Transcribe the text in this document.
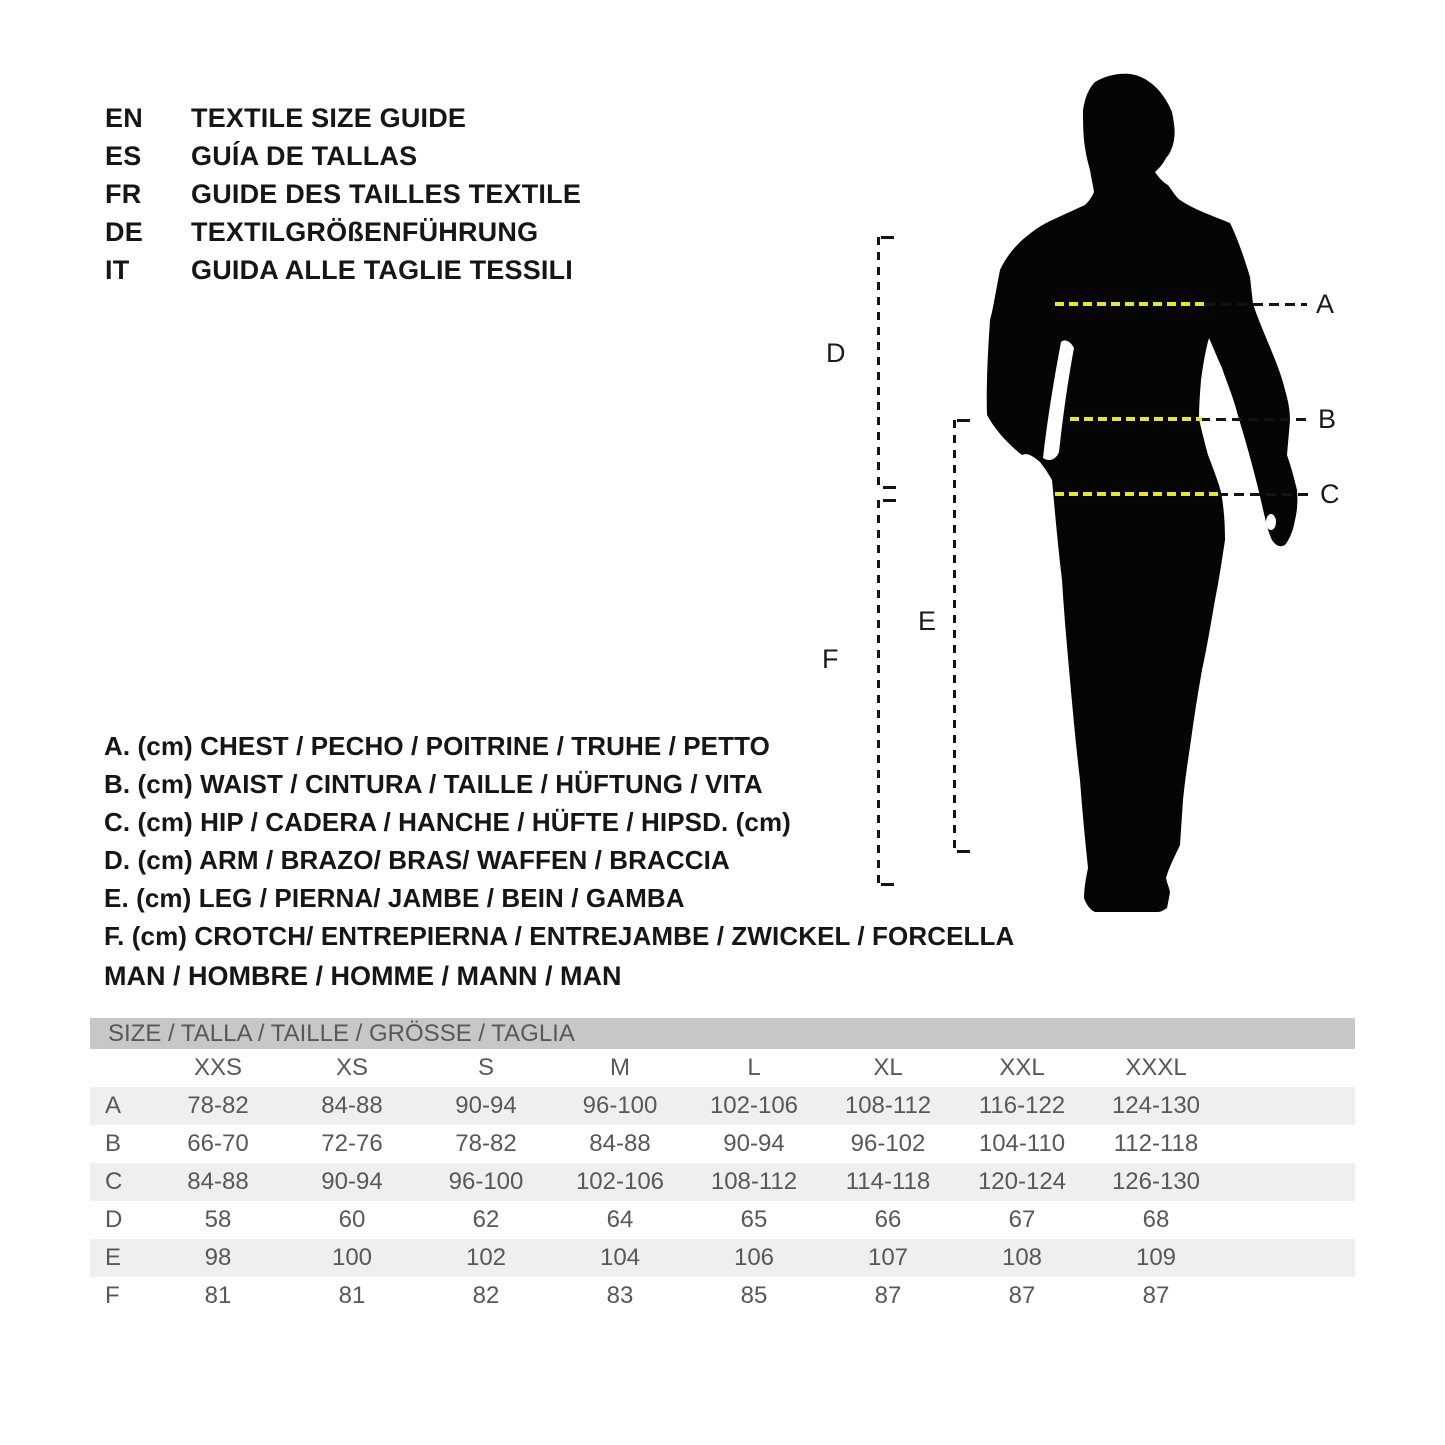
EN	TEXTILE SIZE GUIDE
ES	GUÍA DE TALLAS
FR	GUIDE DES TAILLES TEXTILE
DE	TEXTILGRÖßENFÜHRUNG
IT	GUIDA ALLE TAGLIE TESSILI
A
B
C
D
E
F
A. (cm) CHEST / PECHO / POITRINE / TRUHE / PETTO
B. (cm) WAIST / CINTURA / TAILLE / HÜFTUNG / VITA
C. (cm) HIP / CADERA / HANCHE / HÜFTE / HIPSD. (cm)
D. (cm) ARM / BRAZO/ BRAS/ WAFFEN / BRACCIA
E. (cm) LEG / PIERNA/ JAMBE / BEIN / GAMBA
F. (cm) CROTCH/ ENTREPIERNA / ENTREJAMBE / ZWICKEL / FORCELLA
MAN / HOMBRE / HOMME / MANN / MAN
SIZE / TALLA / TAILLE / GRÖSSE / TAGLIA
XXS	XS	S	M	L	XL	XXL	XXXL
A	78-82	84-88	90-94	96-100	102-106	108-112	116-122	124-130
B	66-70	72-76	78-82	84-88	90-94	96-102	104-110	112-118
C	84-88	90-94	96-100	102-106	108-112	114-118	120-124	126-130
D	58	60	62	64	65	66	67	68
E	98	100	102	104	106	107	108	109
F	81	81	82	83	85	87	87	87
